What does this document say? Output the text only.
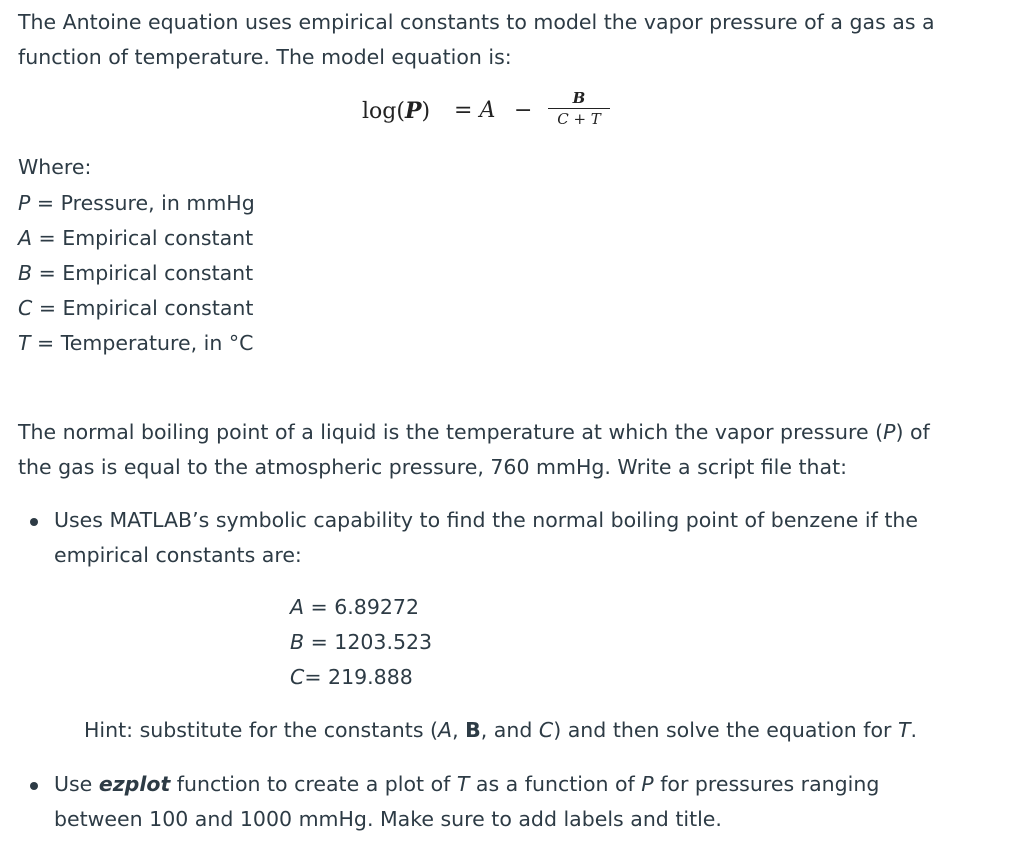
The Antoine equation uses empirical constants to model the vapor pressure of a gas as a
function of temperature. The model equation is:
log(P) = A −	B
C + T
Where:
P = Pressure, in mmHg
A = Empirical constant
B = Empirical constant
C = Empirical constant
T = Temperature, in °C
The normal boiling point of a liquid is the temperature at which the vapor pressure (P) of
the gas is equal to the atmospheric pressure, 760 mmHg. Write a script file that:
Uses MATLAB’s symbolic capability to find the normal boiling point of benzene if the
empirical constants are:
A = 6.89272
B = 1203.523
C= 219.888
Hint: substitute for the constants (A, B, and C) and then solve the equation for T.
Use ezplot function to create a plot of T as a function of P for pressures ranging
between 100 and 1000 mmHg. Make sure to add labels and title.
